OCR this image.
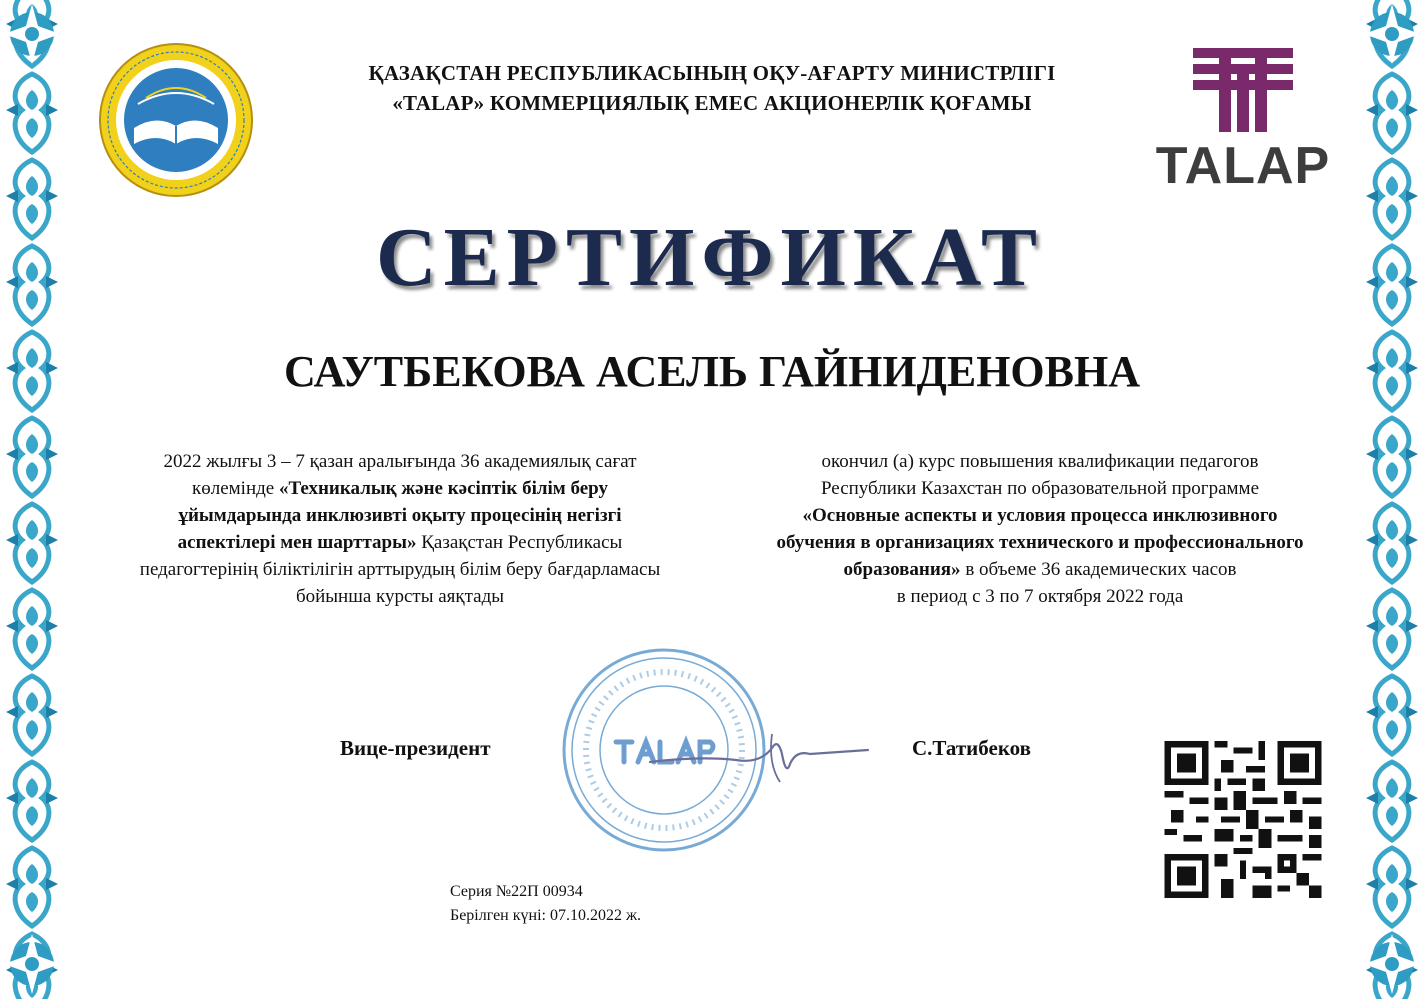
TALAP
ҚАЗАҚСТАН РЕСПУБЛИКАСЫНЫҢ ОҚУ-АҒАРТУ МИНИСТРЛІГІ
«TALAP» КОММЕРЦИЯЛЫҚ ЕМЕС АКЦИОНЕРЛІК ҚОҒАМЫ
СЕРТИФИКАТ
САУТБЕКОВА АСЕЛЬ ГАЙНИДЕНОВНА
2022 жылғы 3 – 7 қазан аралығында 36 академиялық сағат
көлемінде «Техникалық және кәсіптік білім беру
ұйымдарында инклюзивті оқыту процесінің негізгі
аспектілері мен шарттары» Қазақстан Республикасы
педагогтерінің біліктілігін арттырудың білім беру бағдарламасы
бойынша курсты аяқтады
окончил (а) курс повышения квалификации педагогов
Республики Казахстан по образовательной программе
«Основные аспекты и условия процесса инклюзивного
обучения в организациях технического и профессионального
образования» в объеме 36 академических часов
в период с 3 по 7 октября 2022 года
Вице-президент	С.Татибеков
Серия №22П 00934
Берілген күні: 07.10.2022 ж.
